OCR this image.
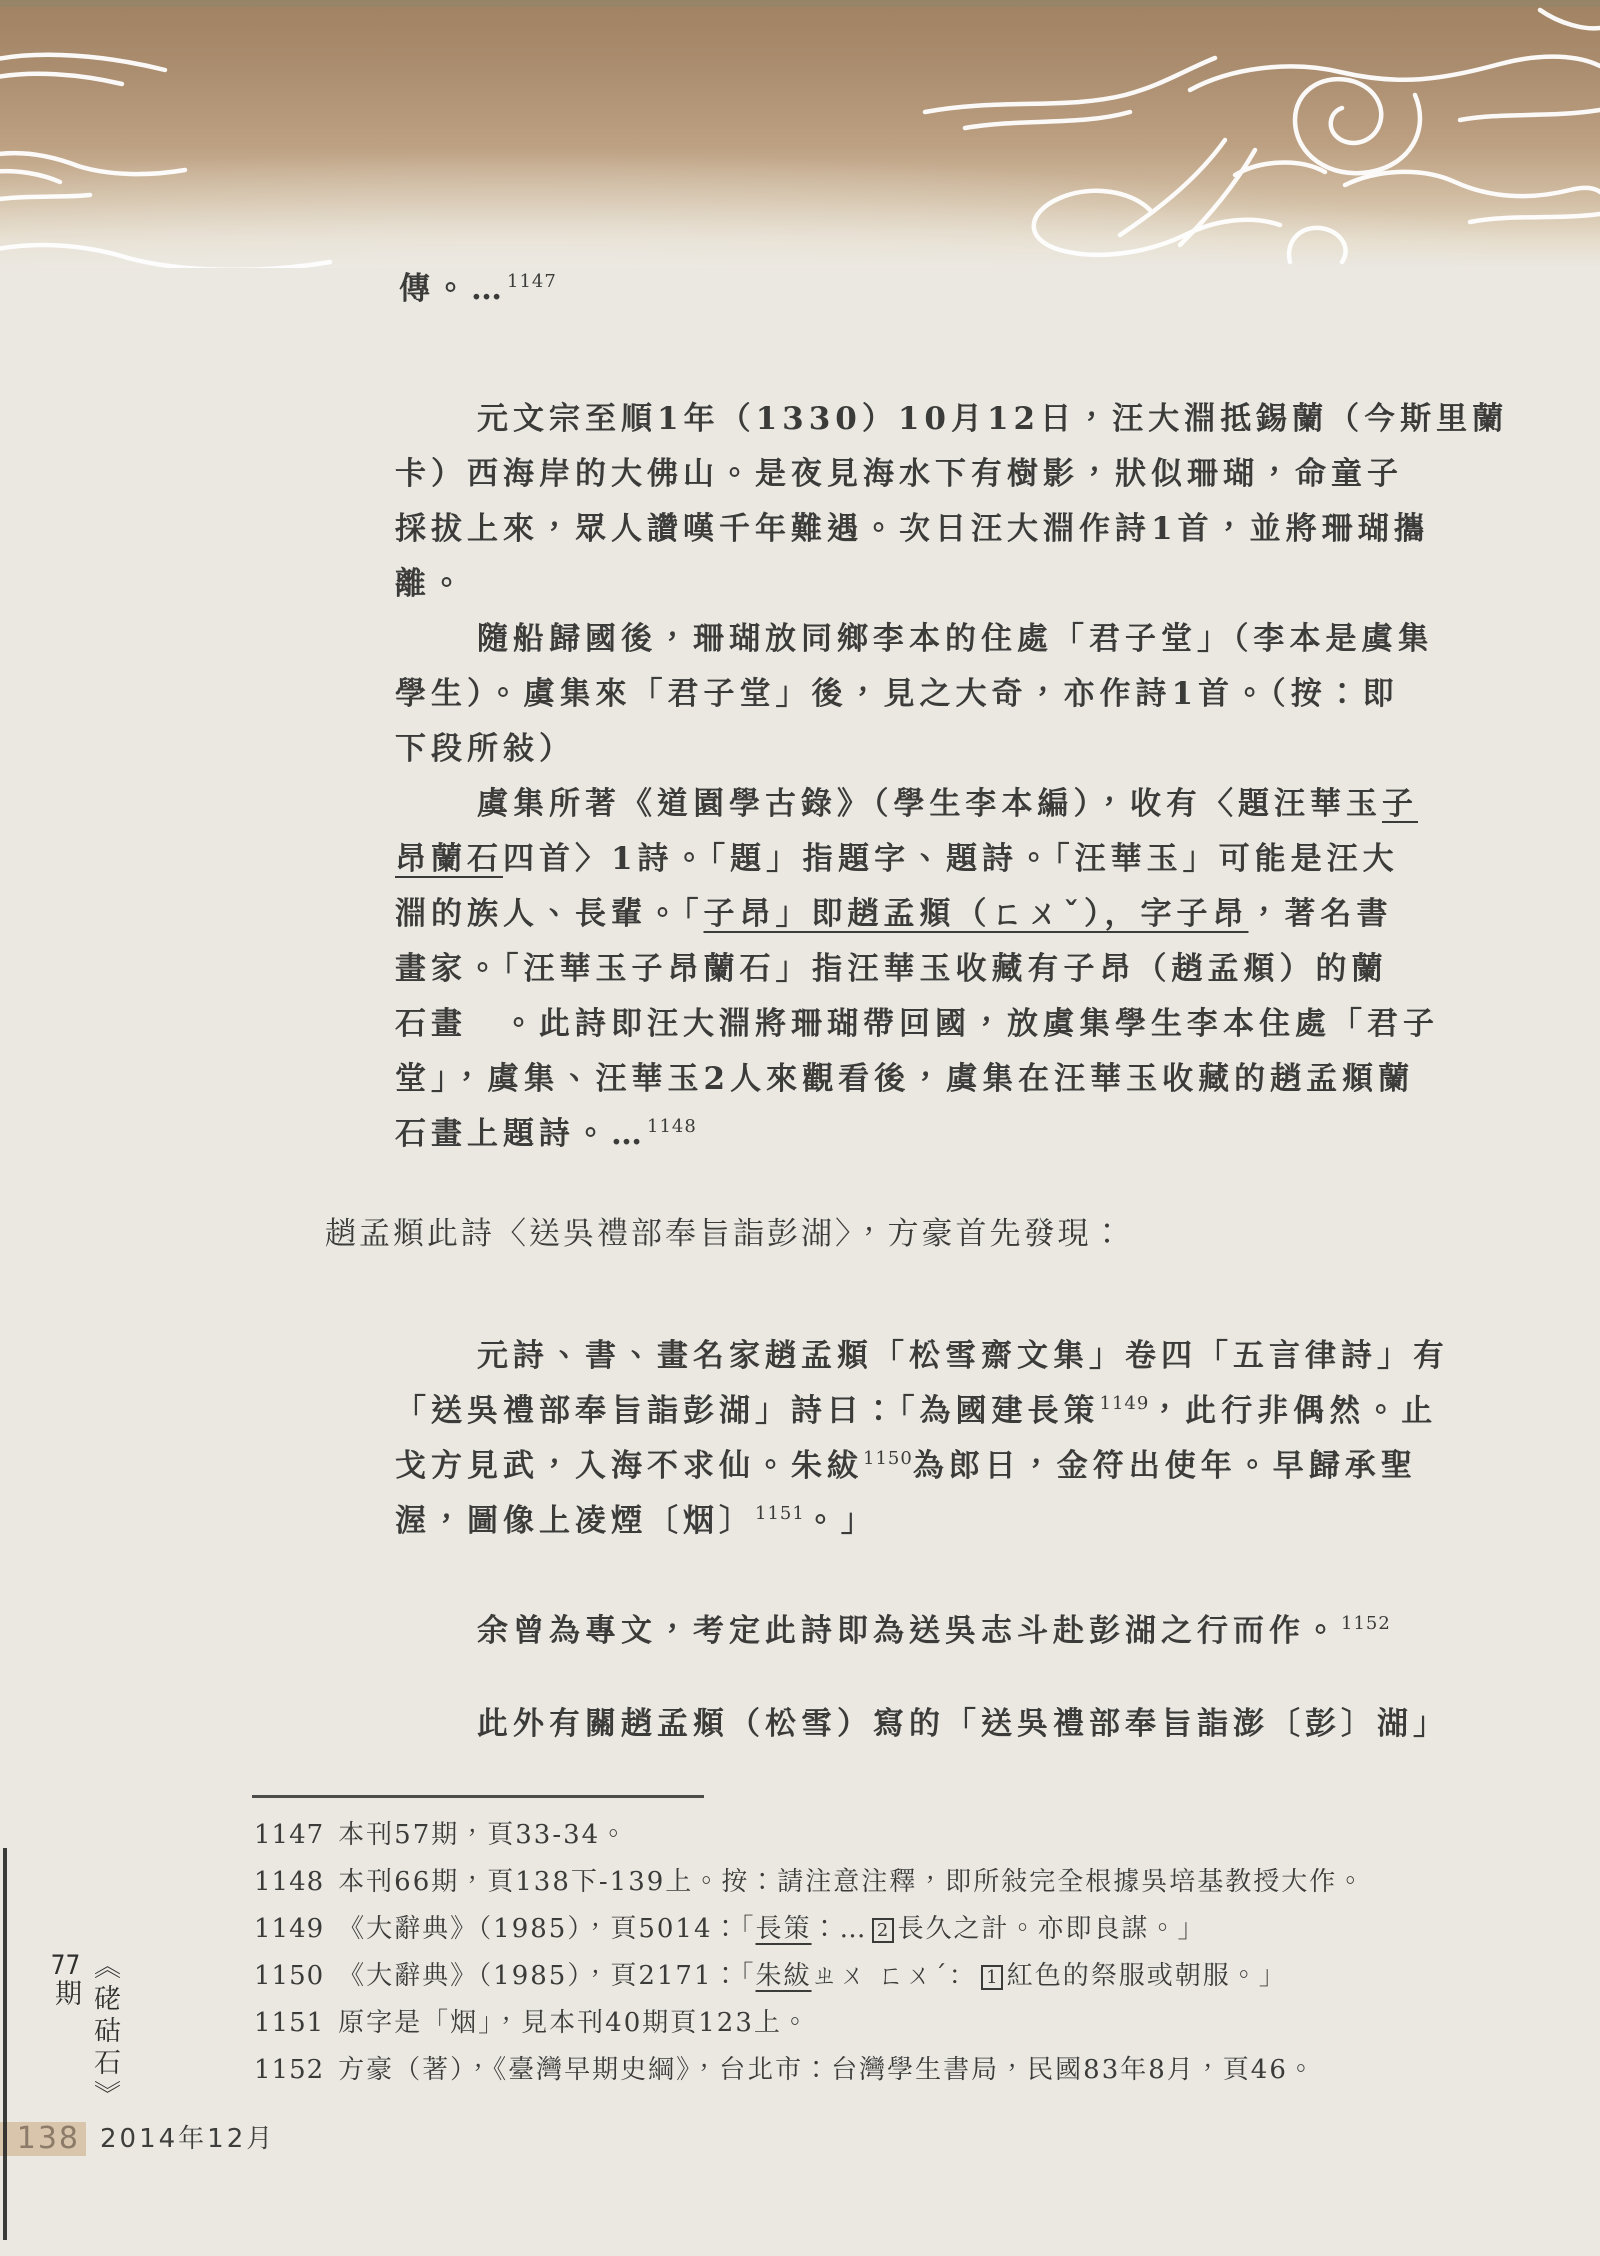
傳。…$^{1147}$
元文宗至順1年（1330）10月12日，汪大淵抵錫蘭（今斯里蘭
卡）西海岸的大佛山。是夜見海水下有樹影，狀似珊瑚，命童子
採拔上來，眾人讚嘆千年難遇。次日汪大淵作詩1首，並將珊瑚攜
離。
隨船歸國後，珊瑚放同鄉李本的住處「君子堂」（李本是虞集
學生）。虞集來「君子堂」後，見之大奇，亦作詩1首。（按：即
下段所敍）
虞集所著《道園學古錄》（學生李本編），收有〈題汪華玉子
昂蘭石四首〉1詩。「題」指題字、題詩。「汪華玉」可能是汪大
淵的族人、長輩。「子昂」即趙孟頫（ㄈㄨˇ），字子昂，著名書
畫家。「汪華玉子昂蘭石」指汪華玉收藏有子昂（趙孟頫）的蘭
石畫　。此詩即汪大淵將珊瑚帶回國，放虞集學生李本住處「君子
堂」，虞集、汪華玉2人來觀看後，虞集在汪華玉收藏的趙孟頫蘭
石畫上題詩。…$^{1148}$
趙孟頫此詩〈送吳禮部奉旨詣彭湖〉，方豪首先發現：
元詩、書、畫名家趙孟頫「松雪齋文集」卷四「五言律詩」有
「送吳禮部奉旨詣彭湖」詩曰：「為國建長策$^{1149}$，此行非偶然。止
戈方見武，入海不求仙。朱紱$^{1150}$為郎日，金符出使年。早歸承聖
渥，圖像上凌煙〔烟〕$^{1151}$。」
余曾為專文，考定此詩即為送吳志斗赴彭湖之行而作。$^{1152}$
此外有關趙孟頫（松雪）寫的「送吳禮部奉旨詣澎〔彭〕湖」
1147 本刊57期，頁33-34。
1148 本刊66期，頁138下-139上。按：請注意注釋，即所敍完全根據吳培基教授大作。
1149 《大辭典》（1985），頁5014：「長策：… 2 長久之計。亦即良謀。」
1150 《大辭典》（1985），頁2171：「朱紱ㄓㄨ ㄈㄨˊ： 1 紅色的祭服或朝服。」
1151 原字是「烟」，見本刊40期頁123上。
1152 方豪（著），《臺灣早期史綱》，台北市：台灣學生書局，民國83年8月，頁46。
《硓𥑮石》77期
138 2014年12月
